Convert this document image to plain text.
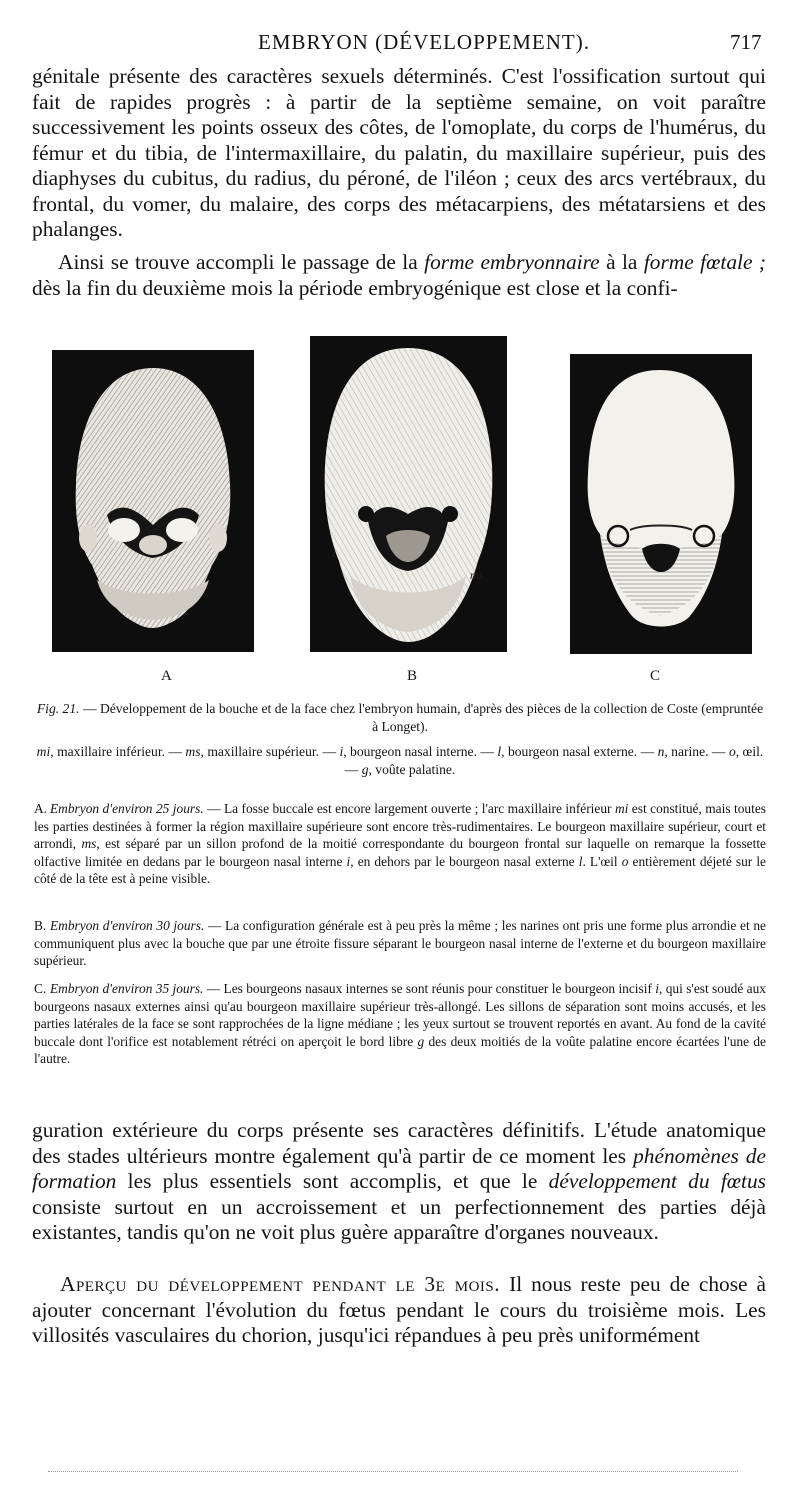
EMBRYON (DÉVELOPPEMENT).	717

génitale présente des caractères sexuels déterminés. C'est l'ossification surtout qui fait de rapides progrès : à partir de la septième semaine, on voit paraître successivement les points osseux des côtes, de l'omoplate, du corps de l'humérus, du fémur et du tibia, de l'intermaxillaire, du palatin, du maxillaire supérieur, puis des diaphyses du cubitus, du radius, du péroné, de l'iléon ; ceux des arcs vertébraux, du frontal, du vomer, du malaire, des corps des métacarpiens, des métatarsiens et des phalanges.

Ainsi se trouve accompli le passage de la forme embryonnaire à la forme fœtale ; dès la fin du deuxième mois la période embryogénique est close et la confi-

i
ms
A	B	C

Fig. 21. — Développement de la bouche et de la face chez l'embryon humain, d'après des pièces de la collection de Coste (empruntée à Longet).

mi, maxillaire inférieur. — ms, maxillaire supérieur. — i, bourgeon nasal interne. — l, bourgeon nasal externe. — n, narine. — o, œil. — g, voûte palatine.

A. Embryon d'environ 25 jours. — La fosse buccale est encore largement ouverte ; l'arc maxillaire inférieur mi est constitué, mais toutes les parties destinées à former la région maxillaire supérieure sont encore très-rudimentaires. Le bourgeon maxillaire supérieur, court et arrondi, ms, est séparé par un sillon profond de la moitié correspondante du bourgeon frontal sur laquelle on remarque la fossette olfactive limitée en dedans par le bourgeon nasal interne i, en dehors par le bourgeon nasal externe l. L'œil o entièrement déjeté sur le côté de la tête est à peine visible.

B. Embryon d'environ 30 jours. — La configuration générale est à peu près la même ; les narines ont pris une forme plus arrondie et ne communiquent plus avec la bouche que par une étroite fissure séparant le bourgeon nasal interne de l'externe et du bourgeon maxillaire supérieur.

C. Embryon d'environ 35 jours. — Les bourgeons nasaux internes se sont réunis pour constituer le bourgeon incisif i, qui s'est soudé aux bourgeons nasaux externes ainsi qu'au bourgeon maxillaire supérieur très-allongé. Les sillons de séparation sont moins accusés, et les parties latérales de la face se sont rapprochées de la ligne médiane ; les yeux surtout se trouvent reportés en avant. Au fond de la cavité buccale dont l'orifice est notablement rétréci on aperçoit le bord libre g des deux moitiés de la voûte palatine encore écartées l'une de l'autre.

guration extérieure du corps présente ses caractères définitifs. L'étude anatomique des stades ultérieurs montre également qu'à partir de ce moment les phénomènes de formation les plus essentiels sont accomplis, et que le développement du fœtus consiste surtout en un accroissement et un perfectionnement des parties déjà existantes, tandis qu'on ne voit plus guère apparaître d'organes nouveaux.

Aperçu du développement pendant le 3e mois. Il nous reste peu de chose à ajouter concernant l'évolution du fœtus pendant le cours du troisième mois. Les villosités vasculaires du chorion, jusqu'ici répandues à peu près uniformément
